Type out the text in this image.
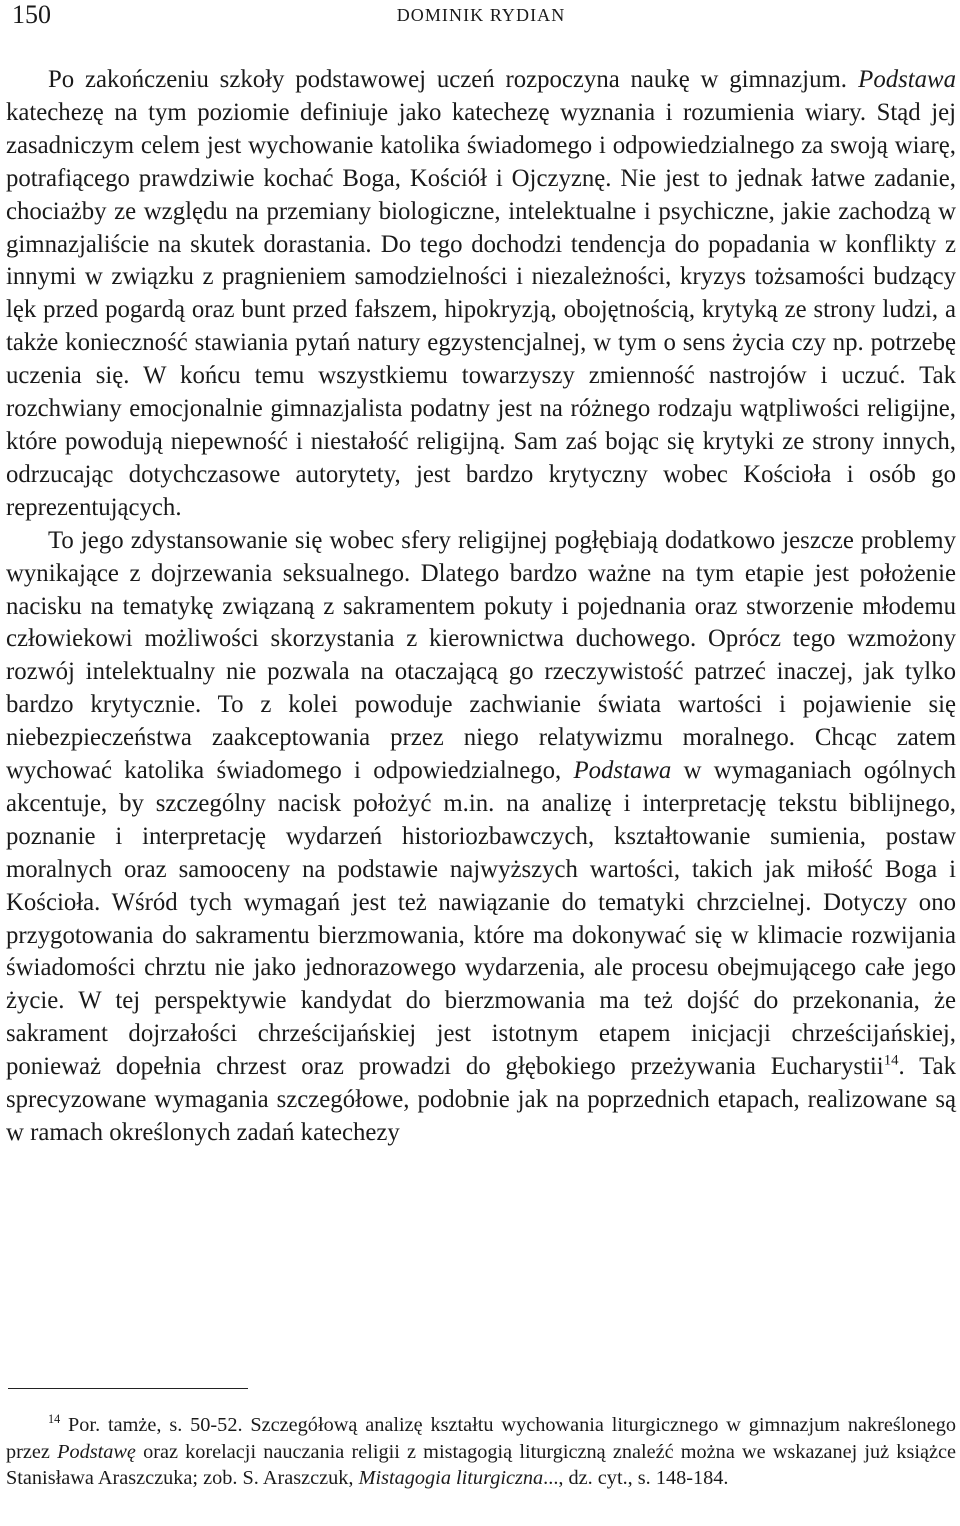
150	DOMINIK RYDIAN

Po zakończeniu szkoły podstawowej uczeń rozpoczyna naukę w gimnazjum. Podstawa katechezę na tym poziomie definiuje jako katechezę wyznania i rozumienia wiary. Stąd jej zasadniczym celem jest wychowanie katolika świadomego i odpowiedzialnego za swoją wiarę, potrafiącego prawdziwie kochać Boga, Kościół i Ojczyznę. Nie jest to jednak łatwe zadanie, chociażby ze względu na przemiany biologiczne, intelektualne i psychiczne, jakie zachodzą w gimnazjaliście na skutek dorastania. Do tego dochodzi tendencja do popadania w konflikty z innymi w związku z pragnieniem samodzielności i niezależności, kryzys tożsamości budzący lęk przed pogardą oraz bunt przed fałszem, hipokryzją, obojętnością, krytyką ze strony ludzi, a także konieczność stawiania pytań natury egzystencjalnej, w tym o sens życia czy np. potrzebę uczenia się. W końcu temu wszystkiemu towarzyszy zmienność nastrojów i uczuć. Tak rozchwiany emocjonalnie gimnazjalista podatny jest na różnego rodzaju wątpliwości religijne, które powodują niepewność i niestałość religijną. Sam zaś bojąc się krytyki ze strony innych, odrzucając dotychczasowe autorytety, jest bardzo krytyczny wobec Kościoła i osób go reprezentujących.

To jego zdystansowanie się wobec sfery religijnej pogłębiają dodatkowo jeszcze problemy wynikające z dojrzewania seksualnego. Dlatego bardzo ważne na tym etapie jest położenie nacisku na tematykę związaną z sakramentem pokuty i pojednania oraz stworzenie młodemu człowiekowi możliwości skorzystania z kierownictwa duchowego. Oprócz tego wzmożony rozwój intelektualny nie pozwala na otaczającą go rzeczywistość patrzeć inaczej, jak tylko bardzo krytycznie. To z kolei powoduje zachwianie świata wartości i pojawienie się niebezpieczeństwa zaakceptowania przez niego relatywizmu moralnego. Chcąc zatem wychować katolika świadomego i odpowiedzialnego, Podstawa w wymaganiach ogólnych akcentuje, by szczególny nacisk położyć m.in. na analizę i interpretację tekstu biblijnego, poznanie i interpretację wydarzeń historiozbawczych, kształtowanie sumienia, postaw moralnych oraz samooceny na podstawie najwyższych wartości, takich jak miłość Boga i Kościoła. Wśród tych wymagań jest też nawiązanie do tematyki chrzcielnej. Dotyczy ono przygotowania do sakramentu bierzmowania, które ma dokonywać się w klimacie rozwijania świadomości chrztu nie jako jednorazowego wydarzenia, ale procesu obejmującego całe jego życie. W tej perspektywie kandydat do bierzmowania ma też dojść do przekonania, że sakrament dojrzałości chrześcijańskiej jest istotnym etapem inicjacji chrześcijańskiej, ponieważ dopełnia chrzest oraz prowadzi do głębokiego przeżywania Eucharystii$^{14}$. Tak sprecyzowane wymagania szczegółowe, podobnie jak na poprzednich etapach, realizowane są w ramach określonych zadań katechezy

$^{14}$ Por. tamże, s. 50-52. Szczegółową analizę kształtu wychowania liturgicznego w gimnazjum nakreślonego przez Podstawę oraz korelacji nauczania religii z mistagogią liturgiczną znaleźć można we wskazanej już książce Stanisława Araszczuka; zob. S. Araszczuk, Mistagogia liturgiczna..., dz. cyt., s. 148-184.
